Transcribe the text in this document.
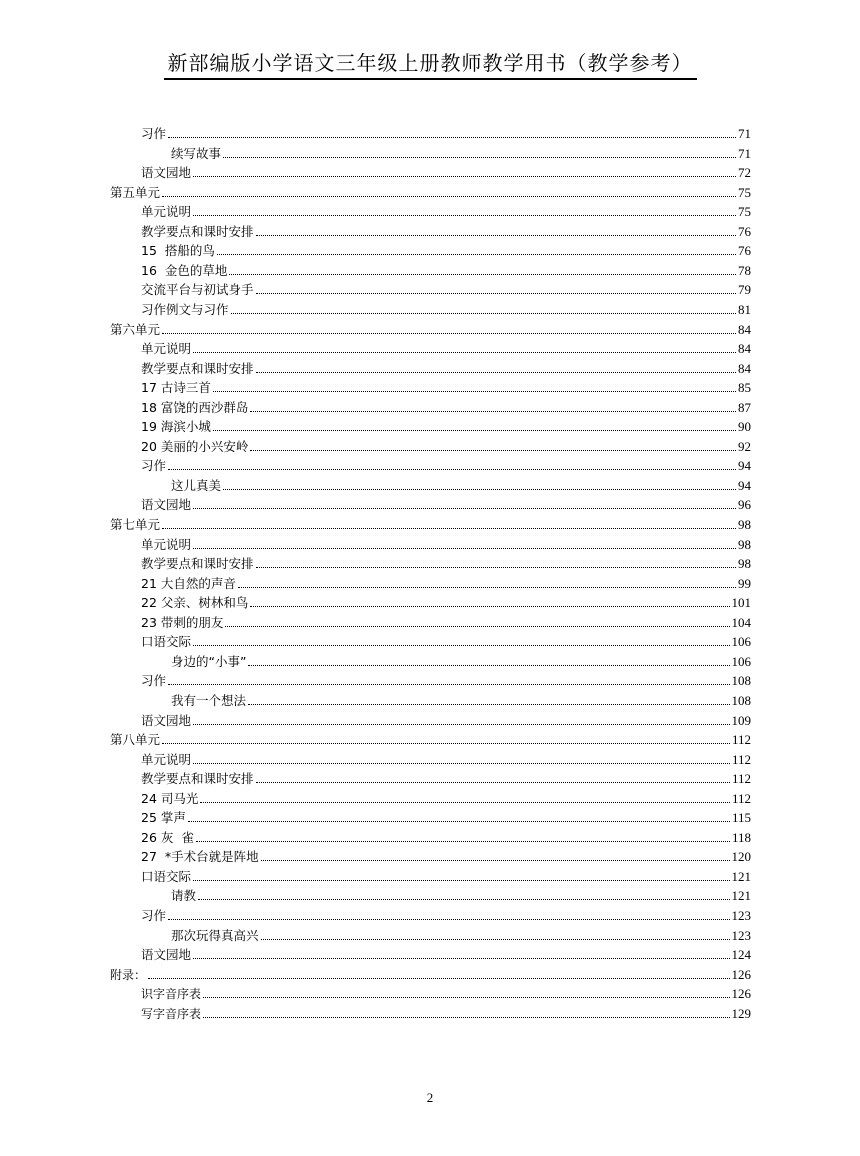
新部编版小学语文三年级上册教师教学用书（教学参考）
习作	71
续写故事	71
语文园地	72
第五单元	75
单元说明	75
教学要点和课时安排	76
15  搭船的鸟	76
16  金色的草地	78
交流平台与初试身手	79
习作例文与习作	81
第六单元	84
单元说明	84
教学要点和课时安排	84
17 古诗三首	85
18 富饶的西沙群岛	87
19 海滨小城	90
20 美丽的小兴安岭	92
习作	94
这儿真美	94
语文园地	96
第七单元	98
单元说明	98
教学要点和课时安排	98
21 大自然的声音	99
22 父亲、树林和鸟	101
23 带刺的朋友	104
口语交际	106
身边的“小事”	106
习作	108
我有一个想法	108
语文园地	109
第八单元	112
单元说明	112
教学要点和课时安排	112
24 司马光	112
25 掌声	115
26 灰  雀	118
27  *手术台就是阵地	120
口语交际	121
请教	121
习作	123
那次玩得真高兴	123
语文园地	124
附录：	126
识字音序表	126
写字音序表	129
2
